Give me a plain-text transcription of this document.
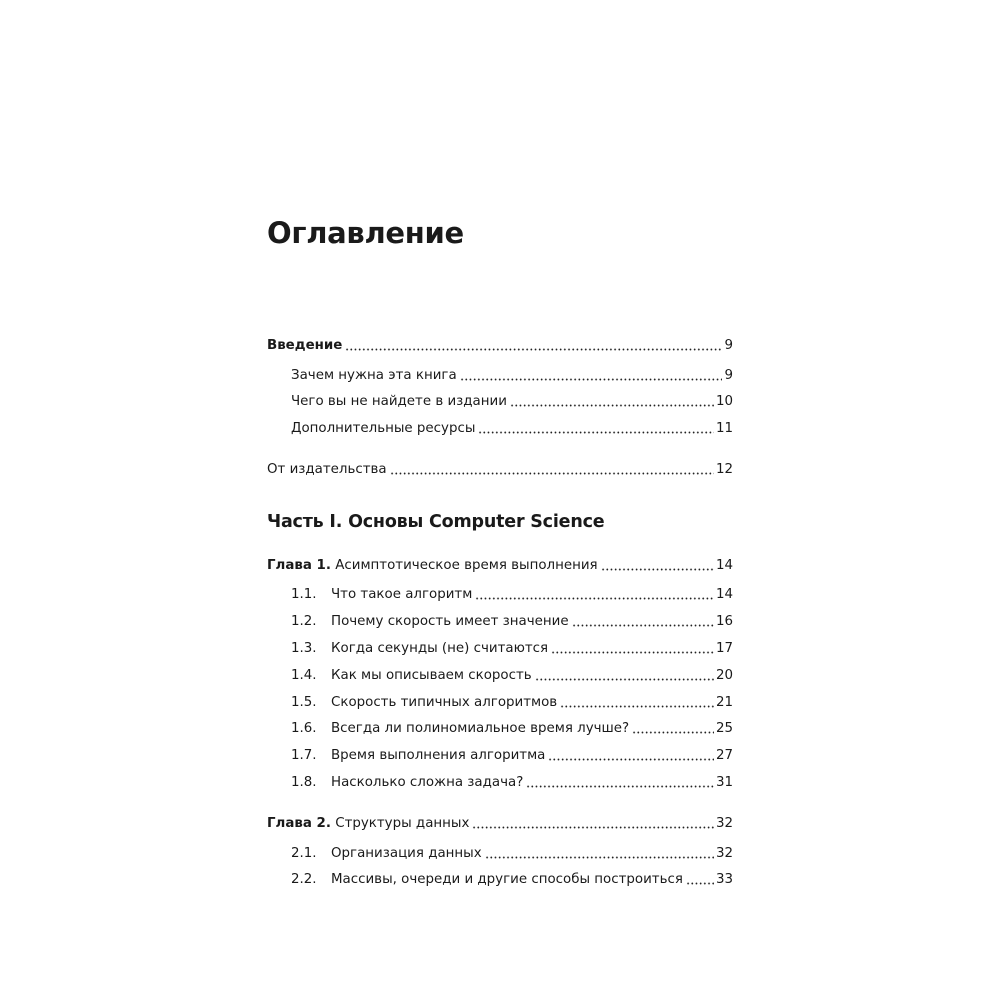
Оглавление
Введение	9
Зачем нужна эта книга	9
Чего вы не найдете в издании	10
Дополнительные ресурсы	11
От издательства	12
Часть I. Основы Computer Science
Глава 1. Асимптотическое время выполнения	14
1.1.	Что такое алгоритм	14
1.2.	Почему скорость имеет значение	16
1.3.	Когда секунды (не) считаются	17
1.4.	Как мы описываем скорость	20
1.5.	Скорость типичных алгоритмов	21
1.6.	Всегда ли полиномиальное время лучше?	25
1.7.	Время выполнения алгоритма	27
1.8.	Насколько сложна задача?	31
Глава 2. Структуры данных	32
2.1.	Организация данных	32
2.2.	Массивы, очереди и другие способы построиться 33
